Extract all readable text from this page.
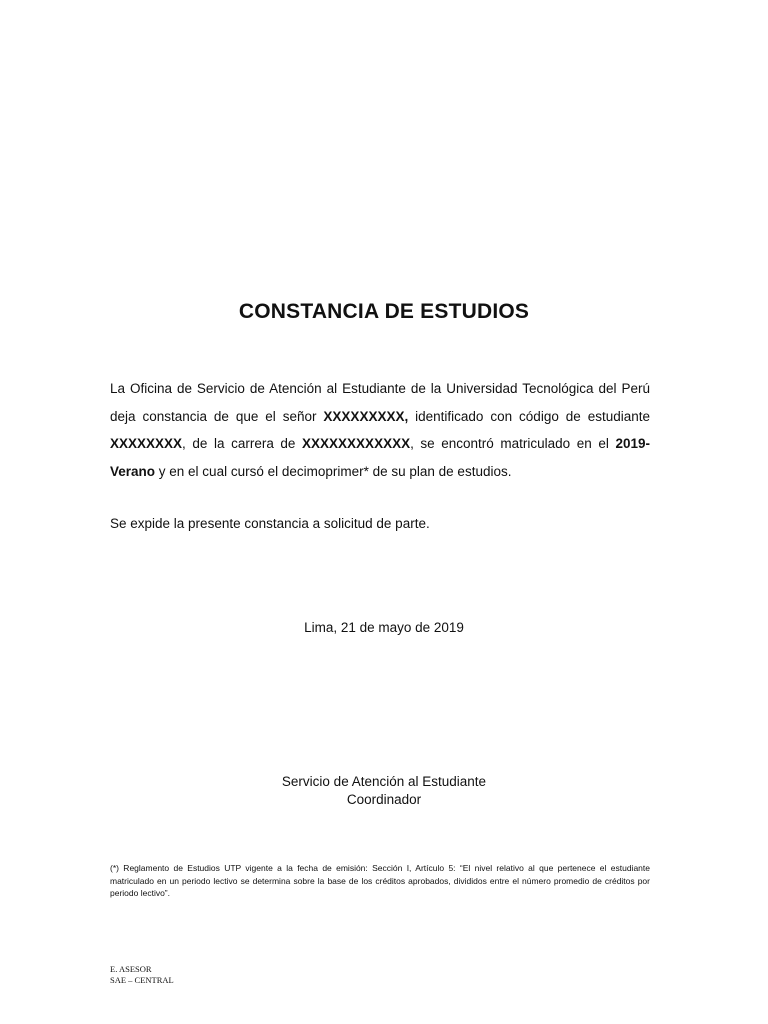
CONSTANCIA DE ESTUDIOS
La Oficina de Servicio de Atención al Estudiante de la Universidad Tecnológica del Perú deja constancia de que el señor XXXXXXXXX, identificado con código de estudiante XXXXXXXX, de la carrera de XXXXXXXXXXXX, se encontró matriculado en el 2019-Verano y en el cual cursó el decimoprimer* de su plan de estudios.
Se expide la presente constancia a solicitud de parte.
Lima, 21 de mayo de 2019
Servicio de Atención al Estudiante
Coordinador
(*) Reglamento de Estudios UTP vigente a la fecha de emisión: Sección I, Artículo 5: “El nivel relativo al que pertenece el estudiante matriculado en un periodo lectivo se determina sobre la base de los créditos aprobados, divididos entre el número promedio de créditos por periodo lectivo”.
E. ASESOR
SAE – CENTRAL
